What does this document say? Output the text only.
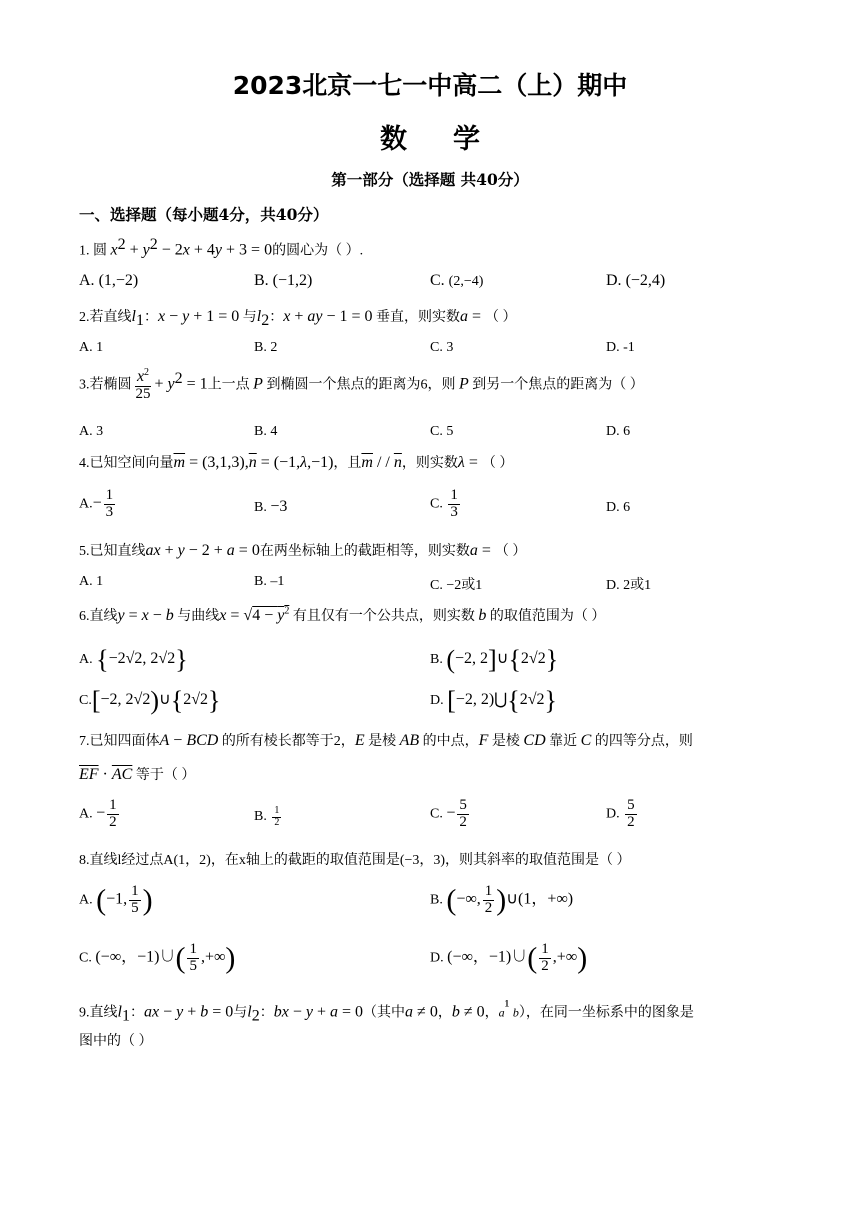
2023北京一七一中高二（上）期中
数学
第一部分（选择题 共40分）
一、选择题（每小题4分，共40分）
1. 圆 $x^2 + y^2 - 2x + 4y + 3 = 0$的圆心为（ ）.
A. (1,−2)	B. (−1,2)	C. (2,−4)	D. (−2,4)
2.若直线$l_1$：x − y + 1 = 0 与$l_2$：x + ay − 1 = 0 垂直，则实数a = （ ）
A. 1	B. 2	C. 3	D. -1
3.若椭圆 $\frac{x^2}{25} + y^2 = 1$上一点 P 到椭圆一个焦点的距离为6，则 P 到另一个焦点的距离为（ ）
A. 3	B. 4	C. 5	D. 6
4.已知空间向量$\overline{m} = (3,1,3),\overline{n} = (-1,\lambda,-1)$，且$\overline{m}$ / / $\overline{n}$，则实数λ = （ ）
$A.- \frac{1}{3}$	B. −3	C. $\frac{1}{3}$	D. 6
5.已知直线ax + y − 2 + a = 0在两坐标轴上的截距相等，则实数a = （ ）
A. 1	B. –1	C. −2或1	D. 2或1
6.直线y = x − b 与曲线$x = √4 - y^2$ 有且仅有一个公共点，则实数 b 的取值范围为（ ）
A. {−2√2, 2√2}	B. (−2, 2]∪{2√2}
C.[−2, 2√2)∪{2√2}	D. [−2, 2)⋃{2√2}
7.已知四面体A − BCD 的所有棱长都等于2，E 是棱 AB 的中点，F 是棱 CD 靠近 C 的四等分点，则
$\overline{EF} \cdot \overline{AC}$ 等于（ ）
A. − $\frac{1}{2}$	B. $\frac{1}{2}$	C. − $\frac{5}{2}$	D. $\frac{5}{2}$
8.直线l经过点A(1，2)，在x轴上的截距的取值范围是(−3，3)，则其斜率的取值范围是（ ）
A. (−1, $\frac{1}{5}$ )	B. (−∞, $\frac{1}{2}$ )∪(1，+∞)
C. (−∞，−1)∪( $\frac{1}{5}$ ,+∞)	D. (−∞，−1)∪( $\frac{1}{2}$ ,+∞)
9.直线$l_1$：ax − y + b = 0与$l_2$：bx − y + a = 0（其中a ≠ 0，b ≠ 0，$a^{^1}$ b），在同一坐标系中的图象是
图中的（ ）
